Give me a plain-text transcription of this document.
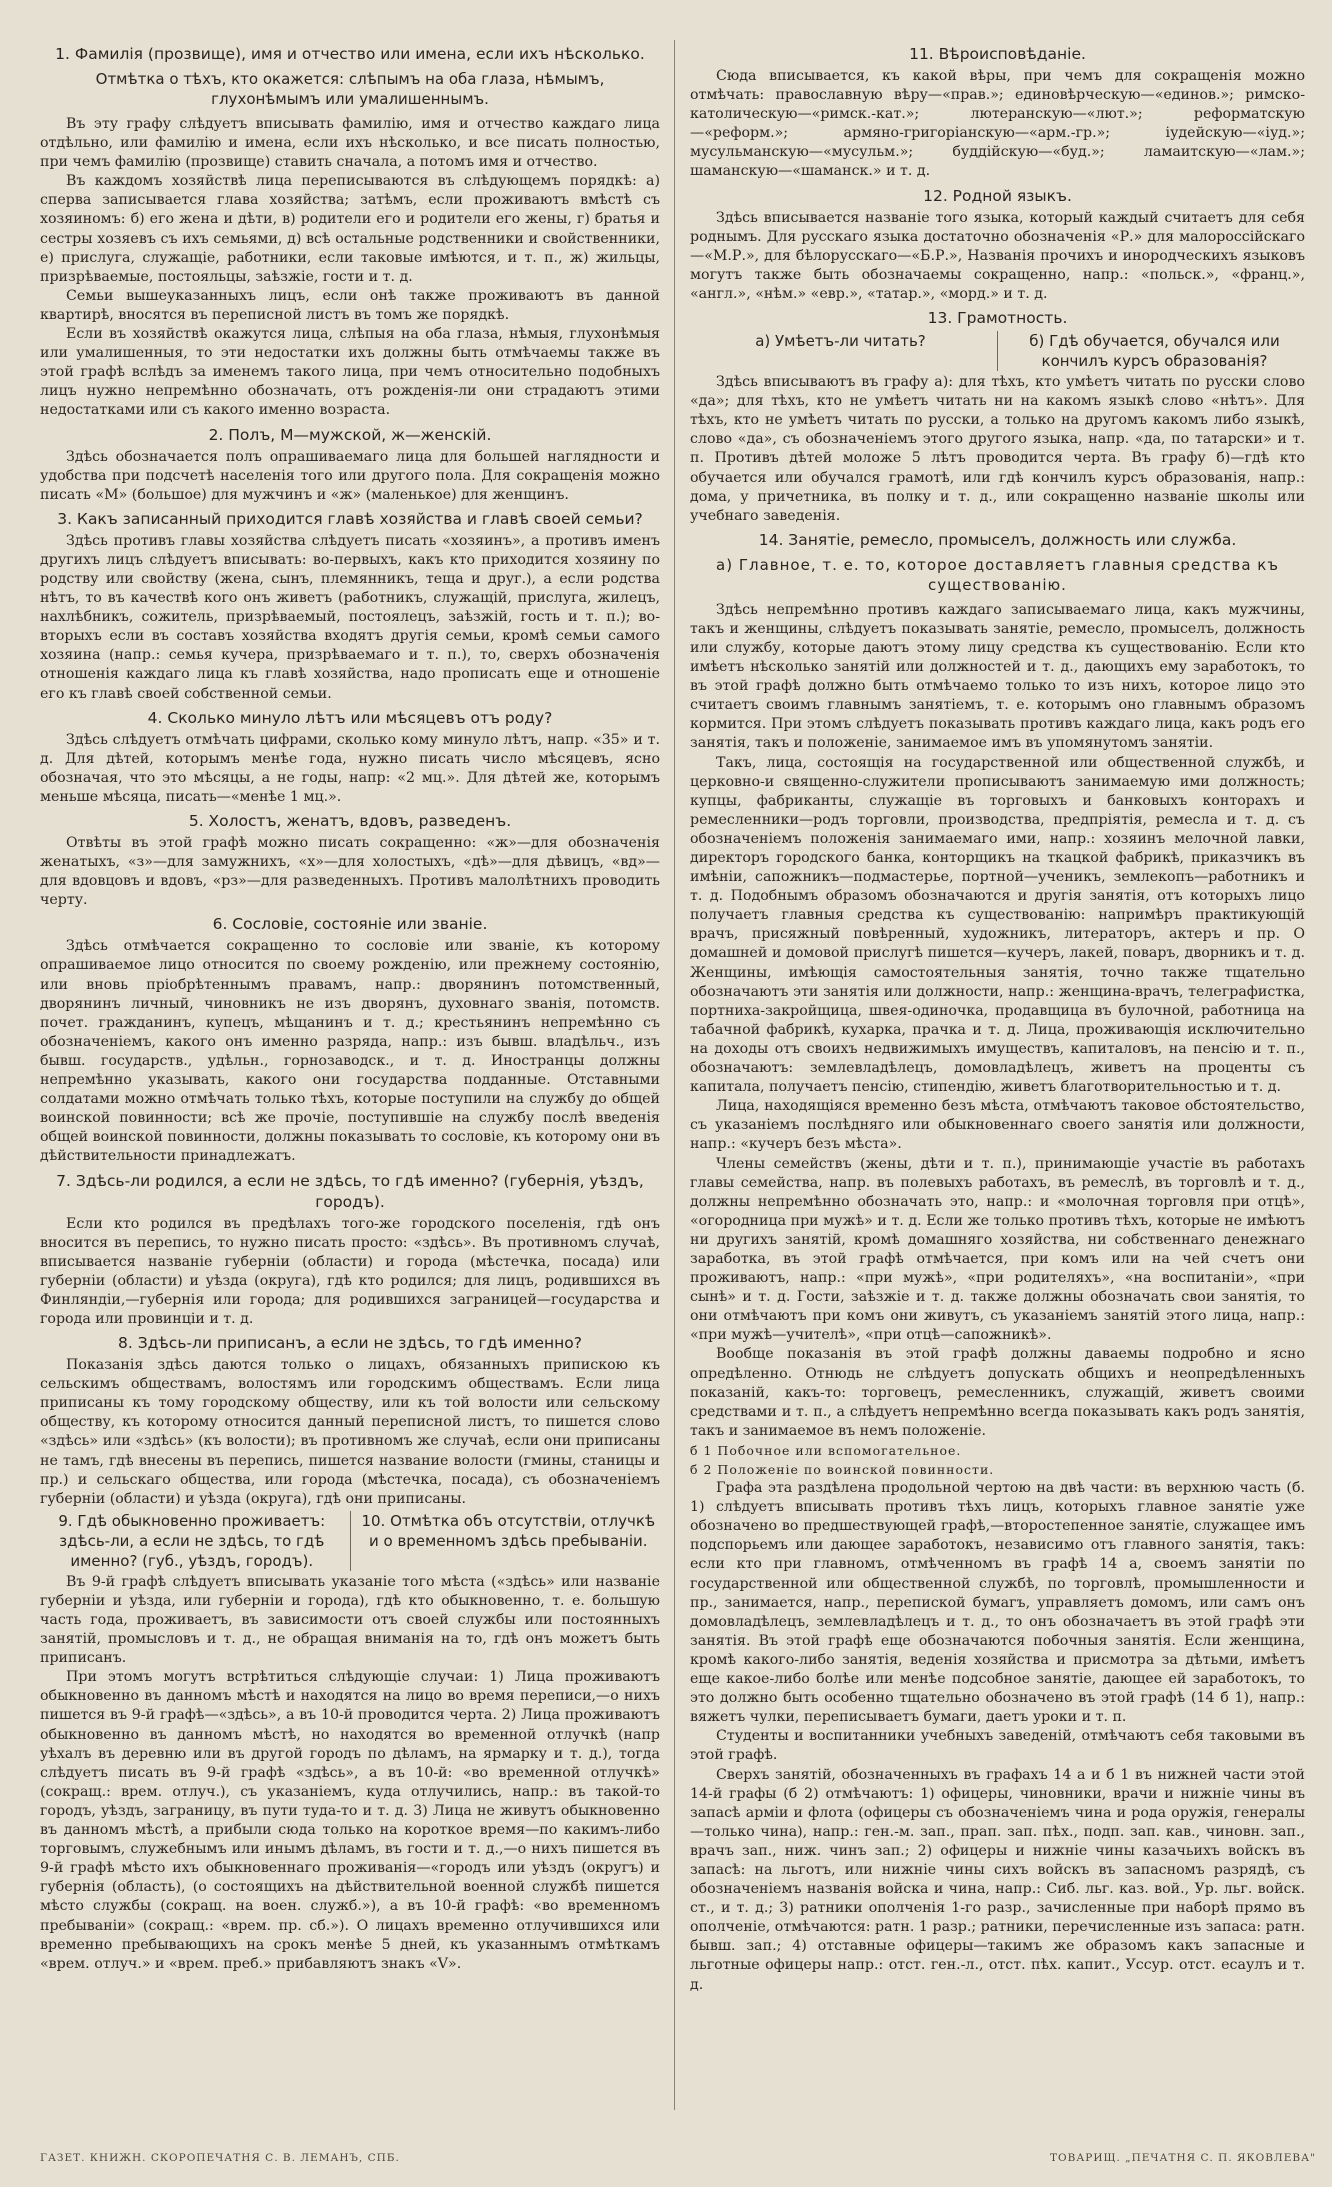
1. Фамилія (прозвище), имя и отчество или имена, если ихъ нѣсколько.
Отмѣтка о тѣхъ, кто окажется: слѣпымъ на оба глаза, нѣмымъ, глухонѣмымъ или умалишеннымъ.

Въ эту графу слѣдуетъ вписывать фамилію, имя и отчество каждаго лица отдѣльно, или фамилію и имена, если ихъ нѣсколько, и все писать полностью, при чемъ фамилію (прозвище) ставить сначала, а потомъ имя и отчество.

Въ каждомъ хозяйствѣ лица переписываются въ слѣдующемъ порядкѣ: а) сперва записывается глава хозяйства; затѣмъ, если проживаютъ вмѣстѣ съ хозяиномъ: б) его жена и дѣти, в) родители его и родители его жены, г) братья и сестры хозяевъ съ ихъ семьями, д) всѣ остальные родственники и свойственники, е) прислуга, служащіе, работники, если таковые имѣются, и т. п., ж) жильцы, призрѣваемые, постояльцы, заѣзжіе, гости и т. д.

Семьи вышеуказанныхъ лицъ, если онѣ также проживаютъ въ данной квартирѣ, вносятся въ переписной листъ въ томъ же порядкѣ.

Если въ хозяйствѣ окажутся лица, слѣпыя на оба глаза, нѣмыя, глухонѣмыя или умалишенныя, то эти недостатки ихъ должны быть отмѣчаемы также въ этой графѣ вслѣдъ за именемъ такого лица, при чемъ относительно подобныхъ лицъ нужно непремѣнно обозначать, отъ рожденія-ли они страдаютъ этими недостатками или съ какого именно возраста.

2. Полъ, М—мужской, ж—женскій.

Здѣсь обозначается полъ опрашиваемаго лица для большей наглядности и удобства при подсчетѣ населенія того или другого пола. Для сокращенія можно писать «М» (большое) для мужчинъ и «ж» (маленькое) для женщинъ.

3. Какъ записанный приходится главѣ хозяйства и главѣ своей семьи?

Здѣсь противъ главы хозяйства слѣдуетъ писать «хозяинъ», а противъ именъ другихъ лицъ слѣдуетъ вписывать: во-первыхъ, какъ кто приходится хозяину по родству или свойству (жена, сынъ, племянникъ, теща и друг.), а если родства нѣтъ, то въ качествѣ кого онъ живетъ (работникъ, служащій, прислуга, жилецъ, нахлѣбникъ, сожитель, призрѣваемый, постоялецъ, заѣзжій, гость и т. п.); во-вторыхъ если въ составъ хозяйства входятъ другія семьи, кромѣ семьи самого хозяина (напр.: семья кучера, призрѣваемаго и т. п.), то, сверхъ обозначенія отношенія каждаго лица къ главѣ хозяйства, надо прописать еще и отношеніе его къ главѣ своей собственной семьи.

4. Сколько минуло лѣтъ или мѣсяцевъ отъ роду?

Здѣсь слѣдуетъ отмѣчать цифрами, сколько кому минуло лѣтъ, напр. «35» и т. д. Для дѣтей, которымъ менѣе года, нужно писать число мѣсяцевъ, ясно обозначая, что это мѣсяцы, а не годы, напр: «2 мц.». Для дѣтей же, которымъ меньше мѣсяца, писать—«менѣе 1 мц.».

5. Холостъ, женатъ, вдовъ, разведенъ.

Отвѣты въ этой графѣ можно писать сокращенно: «ж»—для обозначенія женатыхъ, «з»—для замужнихъ, «х»—для холостыхъ, «дѣ»—для дѣвицъ, «вд»—для вдовцовъ и вдовъ, «рз»—для разведенныхъ. Противъ малолѣтнихъ проводить черту.

6. Сословіе, состояніе или званіе.

Здѣсь отмѣчается сокращенно то сословіе или званіе, къ которому опрашиваемое лицо относится по своему рожденію, или прежнему состоянію, или вновь пріобрѣтеннымъ правамъ, напр.: дворянинъ потомственный, дворянинъ личный, чиновникъ не изъ дворянъ, духовнаго званія, потомств. почет. гражданинъ, купецъ, мѣщанинъ и т. д.; крестьянинъ непремѣнно съ обозначеніемъ, какого онъ именно разряда, напр.: изъ бывш. владѣльч., изъ бывш. государств., удѣльн., горнозаводск., и т. д. Иностранцы должны непремѣнно указывать, какого они государства подданные. Отставными солдатами можно отмѣчать только тѣхъ, которые поступили на службу до общей воинской повинности; всѣ же прочіе, поступившіе на службу послѣ введенія общей воинской повинности, должны показывать то сословіе, къ которому они въ дѣйствительности принадлежатъ.

7. Здѣсь-ли родился, а если не здѣсь, то гдѣ именно? (губернія, уѣздъ, городъ).

Если кто родился въ предѣлахъ того-же городского поселенія, гдѣ онъ вносится въ перепись, то нужно писать просто: «здѣсь». Въ противномъ случаѣ, вписывается названіе губерніи (области) и города (мѣстечка, посада) или губерніи (области) и уѣзда (округа), гдѣ кто родился; для лицъ, родившихся въ Финляндіи,—губернія или города; для родившихся заграницей—государства и города или провинціи и т. д.

8. Здѣсь-ли приписанъ, а если не здѣсь, то гдѣ именно?

Показанія здѣсь даются только о лицахъ, обязанныхъ припискою къ сельскимъ обществамъ, волостямъ или городскимъ обществамъ. Если лица приписаны къ тому городскому обществу, или къ той волости или сельскому обществу, къ которому относится данный переписной листъ, то пишется слово «здѣсь» или «здѣсь» (къ волости); въ противномъ же случаѣ, если они приписаны не тамъ, гдѣ внесены въ перепись, пишется название волости (гмины, станицы и пр.) и сельскаго общества, или города (мѣстечка, посада), съ обозначеніемъ губерніи (области) и уѣзда (округа), гдѣ они приписаны.

9. Гдѣ обыкновенно проживаетъ: здѣсь-ли, а если не здѣсь, то гдѣ именно? (губ., уѣздъ, городъ).
10. Отмѣтка объ отсутствіи, отлучкѣ и о временномъ здѣсь пребываніи.

Въ 9-й графѣ слѣдуетъ вписывать указаніе того мѣста («здѣсь» или названіе губерніи и уѣзда, или губерніи и города), гдѣ кто обыкновенно, т. е. большую часть года, проживаетъ, въ зависимости отъ своей службы или постоянныхъ занятій, промысловъ и т. д., не обращая вниманія на то, гдѣ онъ можетъ быть приписанъ.

При этомъ могутъ встрѣтиться слѣдующіе случаи: 1) Лица проживаютъ обыкновенно въ данномъ мѣстѣ и находятся на лицо во время переписи,—о нихъ пишется въ 9-й графѣ—«здѣсь», а въ 10-й проводится черта. 2) Лица проживаютъ обыкновенно въ данномъ мѣстѣ, но находятся во временной отлучкѣ (напр уѣхалъ въ деревню или въ другой городъ по дѣламъ, на ярмарку и т. д.), тогда слѣдуетъ писать въ 9-й графѣ «здѣсь», а въ 10-й: «во временной отлучкѣ» (сокращ.: врем. отлуч.), съ указаніемъ, куда отлучились, напр.: въ такой-то городъ, уѣздъ, заграницу, въ пути туда-то и т. д. 3) Лица не живутъ обыкновенно въ данномъ мѣстѣ, а прибыли сюда только на короткое время—по какимъ-либо торговымъ, служебнымъ или инымъ дѣламъ, въ гости и т. д.,—о нихъ пишется въ 9-й графѣ мѣсто ихъ обыкновеннаго проживанія—«городъ или уѣздъ (округъ) и губернія (область), (о состоящихъ на дѣйствительной военной службѣ пишется мѣсто службы (сокращ. на воен. служб.»), а въ 10-й графѣ: «во временномъ пребываніи» (сокращ.: «врем. пр. сб.»). О лицахъ временно отлучившихся или временно пребывающихъ на срокъ менѣе 5 дней, къ указаннымъ отмѣткамъ «врем. отлуч.» и «врем. преб.» прибавляютъ знакъ «V».

11. Вѣроисповѣданіе.

Сюда вписывается, къ какой вѣры, при чемъ для сокращенія можно отмѣчать: православную вѣру—«прав.»; единовѣрческую—«единов.»; римско-католическую—«римск.-кат.»; лютеранскую—«лют.»; реформатскую—«реформ.»; армяно-григоріанскую—«арм.-гр.»; іудейскую—«іуд.»; мусульманскую—«мусульм.»; буддійскую—«буд.»; ламаитскую—«лам.»; шаманскую—«шаманск.» и т. д.

12. Родной языкъ.

Здѣсь вписывается названіе того языка, который каждый считаетъ для себя роднымъ. Для русскаго языка достаточно обозначенія «Р.» для малороссійскаго—«М.Р.», для бѣлорусскаго—«Б.Р.», Названія прочихъ и инородческихъ языковъ могутъ также быть обозначаемы сокращенно, напр.: «польск.», «франц.», «англ.», «нѣм.» «евр.», «татар.», «морд.» и т. д.

13. Грамотность.
а) Умѣетъ-ли читать?	б) Гдѣ обучается, обучался или кончилъ курсъ образованія?

Здѣсь вписываютъ въ графу а): для тѣхъ, кто умѣетъ читать по русски слово «да»; для тѣхъ, кто не умѣетъ читать ни на какомъ языкѣ слово «нѣтъ». Для тѣхъ, кто не умѣетъ читать по русски, а только на другомъ какомъ либо языкѣ, слово «да», съ обозначеніемъ этого другого языка, напр. «да, по татарски» и т. п. Противъ дѣтей моложе 5 лѣтъ проводится черта. Въ графу б)—гдѣ кто обучается или обучался грамотѣ, или гдѣ кончилъ курсъ образованія, напр.: дома, у причетника, въ полку и т. д., или сокращенно названіе школы или учебнаго заведенія.

14. Занятіе, ремесло, промыселъ, должность или служба.
а) Главное, т. е. то, которое доставляетъ главныя средства къ существованію.

Здѣсь непремѣнно противъ каждаго записываемаго лица, какъ мужчины, такъ и женщины, слѣдуетъ показывать занятіе, ремесло, промыселъ, должность или службу, которые даютъ этому лицу средства къ существованію. Если кто имѣетъ нѣсколько занятій или должностей и т. д., дающихъ ему заработокъ, то въ этой графѣ должно быть отмѣчаемо только то изъ нихъ, которое лицо это считаетъ своимъ главнымъ занятіемъ, т. е. которымъ оно главнымъ образомъ кормится. При этомъ слѣдуетъ показывать противъ каждаго лица, какъ родъ его занятія, такъ и положеніе, занимаемое имъ въ упомянутомъ занятіи.

Такъ, лица, состоящія на государственной или общественной службѣ, и церковно-и священно-служители прописываютъ занимаемую ими должность; купцы, фабриканты, служащіе въ торговыхъ и банковыхъ конторахъ и ремесленники—родъ торговли, производства, предпріятія, ремесла и т. д. съ обозначеніемъ положенія занимаемаго ими, напр.: хозяинъ мелочной лавки, директоръ городского банка, конторщикъ на ткацкой фабрикѣ, приказчикъ въ имѣніи, сапожникъ—подмастерье, портной—ученикъ, землекопъ—работникъ и т. д. Подобнымъ образомъ обозначаются и другія занятія, отъ которыхъ лицо получаетъ главныя средства къ существованію: напримѣръ практикующій врачъ, присяжный повѣренный, художникъ, литераторъ, актеръ и пр. О домашней и домовой прислугѣ пишется—кучеръ, лакей, поваръ, дворникъ и т. д. Женщины, имѣющія самостоятельныя занятія, точно также тщательно обозначаютъ эти занятія или должности, напр.: женщина-врачъ, телеграфистка, портниха-закройщица, швея-одиночка, продавщица въ булочной, работница на табачной фабрикѣ, кухарка, прачка и т. д. Лица, проживающія исключительно на доходы отъ своихъ недвижимыхъ имуществъ, капиталовъ, на пенсію и т. п., обозначаютъ: землевладѣлецъ, домовладѣлецъ, живетъ на проценты съ капитала, получаетъ пенсію, стипендію, живетъ благотворительностью и т. д.

Лица, находящіяся временно безъ мѣста, отмѣчаютъ таковое обстоятельство, съ указаніемъ послѣдняго или обыкновеннаго своего занятія или должности, напр.: «кучеръ безъ мѣста».

Члены семействъ (жены, дѣти и т. п.), принимающіе участіе въ работахъ главы семейства, напр. въ полевыхъ работахъ, въ ремеслѣ, въ торговлѣ и т. д., должны непремѣнно обозначать это, напр.: и «молочная торговля при отцѣ», «огородница при мужѣ» и т. д. Если же только противъ тѣхъ, которые не имѣютъ ни другихъ занятій, кромѣ домашняго хозяйства, ни собственнаго денежнаго заработка, въ этой графѣ отмѣчается, при комъ или на чей счетъ они проживаютъ, напр.: «при мужѣ», «при родителяхъ», «на воспитаніи», «при сынѣ» и т. д. Гости, заѣзжіе и т. д. также должны обозначать свои занятія, то они отмѣчаютъ при комъ они живутъ, съ указаніемъ занятій этого лица, напр.: «при мужѣ—учителѣ», «при отцѣ—сапожникѣ».

Вообще показанія въ этой графѣ должны даваемы подробно и ясно опредѣленно. Отнюдь не слѣдуетъ допускать общихъ и неопредѣленныхъ показаній, какъ-то: торговецъ, ремесленникъ, служащій, живетъ своими средствами и т. п., а слѣдуетъ непремѣнно всегда показывать какъ родъ занятія, такъ и занимаемое въ немъ положеніе.

б 1 Побочное или вспомогательное.
б 2 Положеніе по воинской повинности.

Графа эта раздѣлена продольной чертою на двѣ части: въ верхнюю часть (б. 1) слѣдуетъ вписывать противъ тѣхъ лицъ, которыхъ главное занятіе уже обозначено во предшествующей графѣ,—второстепенное занятіе, служащее имъ подспорьемъ или дающее заработокъ, независимо отъ главного занятія, такъ: если кто при главномъ, отмѣченномъ въ графѣ 14 а, своемъ занятіи по государственной или общественной службѣ, по торговлѣ, промышленности и пр., занимается, напр., перепиской бумагъ, управляетъ домомъ, или самъ онъ домовладѣлецъ, землевладѣлецъ и т. д., то онъ обозначаетъ въ этой графѣ эти занятія. Въ этой графѣ еще обозначаются побочныя занятія. Если женщина, кромѣ какого-либо занятія, веденія хозяйства и присмотра за дѣтьми, имѣетъ еще какое-либо болѣе или менѣе подсобное занятіе, дающее ей заработокъ, то это должно быть особенно тщательно обозначено въ этой графѣ (14 б 1), напр.: вяжетъ чулки, переписываетъ бумаги, даетъ уроки и т. п.

Студенты и воспитанники учебныхъ заведеній, отмѣчаютъ себя таковыми въ этой графѣ.

Сверхъ занятій, обозначенныхъ въ графахъ 14 а и б 1 въ нижней части этой 14-й графы (б 2) отмѣчаютъ: 1) офицеры, чиновники, врачи и нижніе чины въ запасѣ арміи и флота (офицеры съ обозначеніемъ чина и рода оружія, генералы—только чина), напр.: ген.-м. зап., прап. зап. пѣх., подп. зап. кав., чиновн. зап., врачъ зап., ниж. чинъ зап.; 2) офицеры и нижніе чины казачьихъ войскъ въ запасѣ: на льготъ, или нижніе чины сихъ войскъ въ запасномъ разрядѣ, съ обозначеніемъ названія войска и чина, напр.: Сиб. льг. каз. вой., Ур. льг. войск. ст., и т. д.; 3) ратники ополченія 1-го разр., зачисленные при наборѣ прямо въ ополченіе, отмѣчаются: ратн. 1 разр.; ратники, перечисленные изъ запаса: ратн. бывш. зап.; 4) отставные офицеры—такимъ же образомъ какъ запасные и льготные офицеры напр.: отст. ген.-л., отст. пѣх. капит., Уссур. отст. есаулъ и т. д.

ГАЗЕТ. КНИЖН. СКОРОПЕЧАТНЯ С. В. ЛЕМАНЪ, СПБ.	ТОВАРИЩ. „ПЕЧАТНЯ С. П. ЯКОВЛЕВА"
